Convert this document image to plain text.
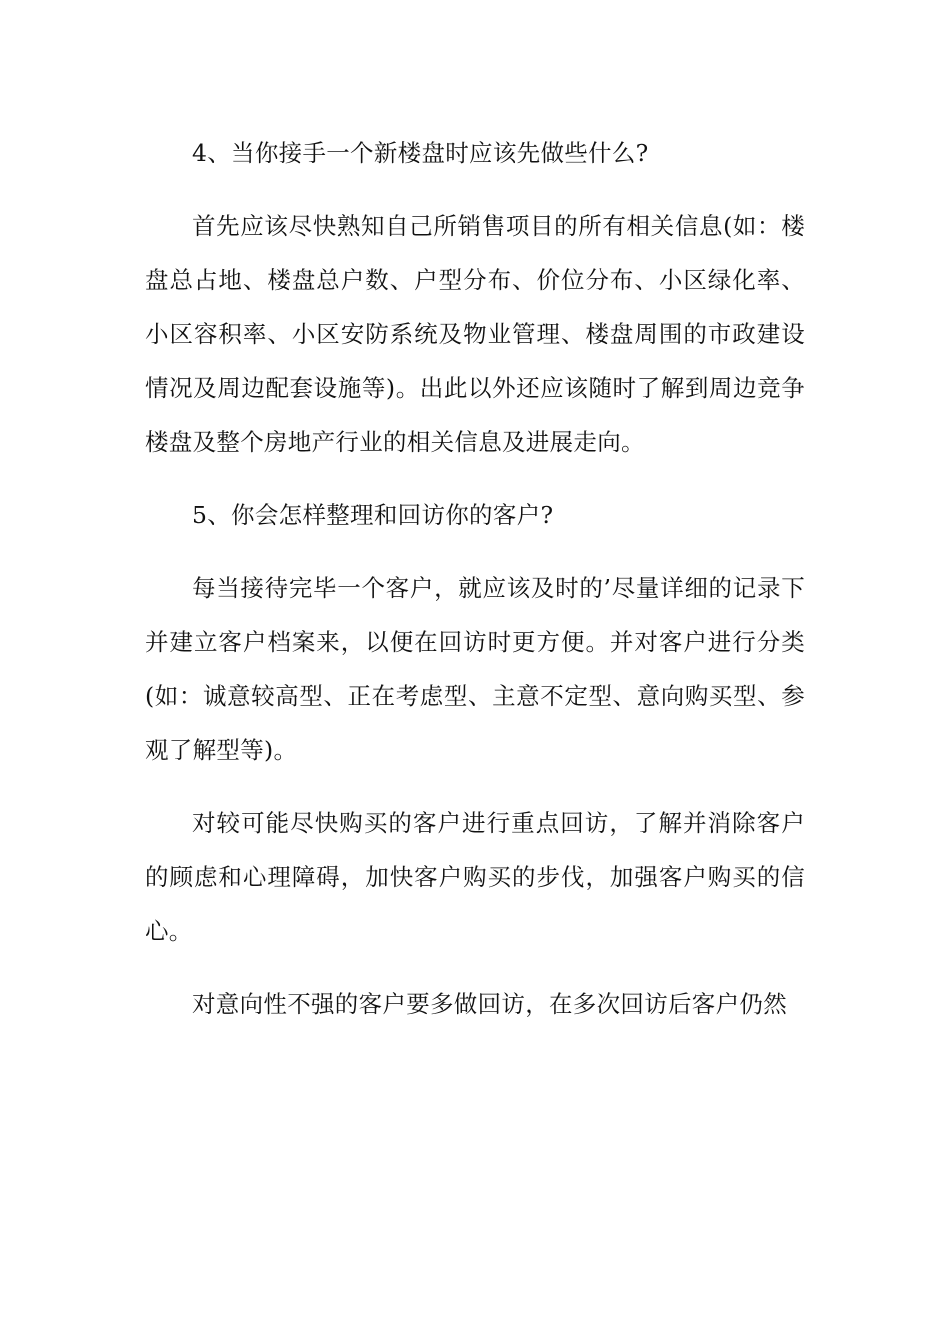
4、当你接手一个新楼盘时应该先做些什么?

首先应该尽快熟知自己所销售项目的所有相关信息(如：楼盘总占地、楼盘总户数、户型分布、价位分布、小区绿化率、小区容积率、小区安防系统及物业管理、楼盘周围的市政建设情况及周边配套设施等)。出此以外还应该随时了解到周边竞争楼盘及整个房地产行业的相关信息及进展走向。

5、你会怎样整理和回访你的客户?

每当接待完毕一个客户，就应该及时的’尽量详细的记录下并建立客户档案来，以便在回访时更方便。并对客户进行分类(如：诚意较高型、正在考虑型、主意不定型、意向购买型、参观了解型等)。

对较可能尽快购买的客户进行重点回访，了解并消除客户的顾虑和心理障碍，加快客户购买的步伐，加强客户购买的信心。

对意向性不强的客户要多做回访，在多次回访后客户仍然
